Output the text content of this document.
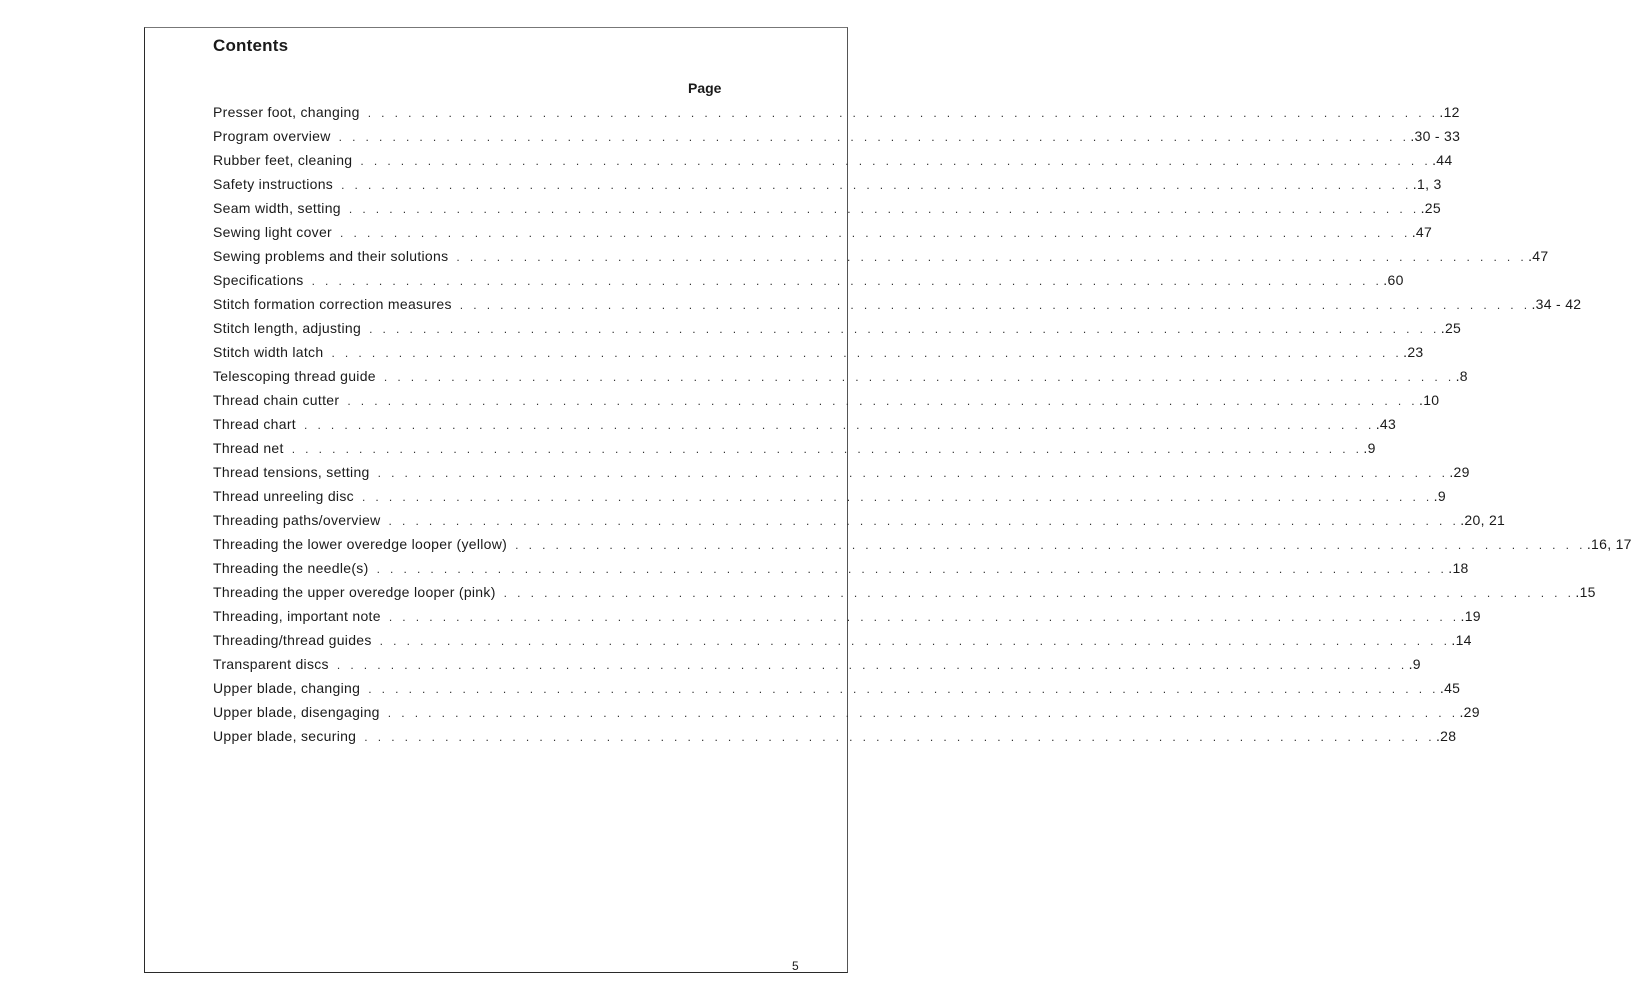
Contents
Page
Presser foot, changing . . . . . . . . . . . . . . . . . . . . . . . . . . . . . . . . . . . . . . . . . . . . . . . . . . . . . . . . . . . . . . . . . . . . . . . . . . . . . . . . .12
Program overview . . . . . . . . . . . . . . . . . . . . . . . . . . . . . . . . . . . . . . . . . . . . . . . . . . . . . . . . . . . . . . . . . . . . . . . . . . . . . . . . .30 - 33
Rubber feet, cleaning . . . . . . . . . . . . . . . . . . . . . . . . . . . . . . . . . . . . . . . . . . . . . . . . . . . . . . . . . . . . . . . . . . . . . . . . . . . . . . . . .44
Safety instructions . . . . . . . . . . . . . . . . . . . . . . . . . . . . . . . . . . . . . . . . . . . . . . . . . . . . . . . . . . . . . . . . . . . . . . . . . . . . . . . . .1, 3
Seam width, setting . . . . . . . . . . . . . . . . . . . . . . . . . . . . . . . . . . . . . . . . . . . . . . . . . . . . . . . . . . . . . . . . . . . . . . . . . . . . . . . . .25
Sewing light cover . . . . . . . . . . . . . . . . . . . . . . . . . . . . . . . . . . . . . . . . . . . . . . . . . . . . . . . . . . . . . . . . . . . . . . . . . . . . . . . . .47
Sewing problems and their solutions . . . . . . . . . . . . . . . . . . . . . . . . . . . . . . . . . . . . . . . . . . . . . . . . . . . . . . . . . . . . . . . . . . . . . . . . . . . . . . . . .47
Specifications . . . . . . . . . . . . . . . . . . . . . . . . . . . . . . . . . . . . . . . . . . . . . . . . . . . . . . . . . . . . . . . . . . . . . . . . . . . . . . . . .60
Stitch formation correction measures . . . . . . . . . . . . . . . . . . . . . . . . . . . . . . . . . . . . . . . . . . . . . . . . . . . . . . . . . . . . . . . . . . . . . . . . . . . . . . . . .34 - 42
Stitch length, adjusting . . . . . . . . . . . . . . . . . . . . . . . . . . . . . . . . . . . . . . . . . . . . . . . . . . . . . . . . . . . . . . . . . . . . . . . . . . . . . . . . .25
Stitch width latch . . . . . . . . . . . . . . . . . . . . . . . . . . . . . . . . . . . . . . . . . . . . . . . . . . . . . . . . . . . . . . . . . . . . . . . . . . . . . . . . .23
Telescoping thread guide . . . . . . . . . . . . . . . . . . . . . . . . . . . . . . . . . . . . . . . . . . . . . . . . . . . . . . . . . . . . . . . . . . . . . . . . . . . . . . . . .8
Thread chain cutter . . . . . . . . . . . . . . . . . . . . . . . . . . . . . . . . . . . . . . . . . . . . . . . . . . . . . . . . . . . . . . . . . . . . . . . . . . . . . . . . .10
Thread chart . . . . . . . . . . . . . . . . . . . . . . . . . . . . . . . . . . . . . . . . . . . . . . . . . . . . . . . . . . . . . . . . . . . . . . . . . . . . . . . . .43
Thread net . . . . . . . . . . . . . . . . . . . . . . . . . . . . . . . . . . . . . . . . . . . . . . . . . . . . . . . . . . . . . . . . . . . . . . . . . . . . . . . . .9
Thread tensions, setting . . . . . . . . . . . . . . . . . . . . . . . . . . . . . . . . . . . . . . . . . . . . . . . . . . . . . . . . . . . . . . . . . . . . . . . . . . . . . . . . .29
Thread unreeling disc . . . . . . . . . . . . . . . . . . . . . . . . . . . . . . . . . . . . . . . . . . . . . . . . . . . . . . . . . . . . . . . . . . . . . . . . . . . . . . . . .9
Threading paths/overview . . . . . . . . . . . . . . . . . . . . . . . . . . . . . . . . . . . . . . . . . . . . . . . . . . . . . . . . . . . . . . . . . . . . . . . . . . . . . . . . .20, 21
Threading the lower overedge looper (yellow) . . . . . . . . . . . . . . . . . . . . . . . . . . . . . . . . . . . . . . . . . . . . . . . . . . . . . . . . . . . . . . . . . . . . . . . . . . . . . . . . .16, 17
Threading the needle(s) . . . . . . . . . . . . . . . . . . . . . . . . . . . . . . . . . . . . . . . . . . . . . . . . . . . . . . . . . . . . . . . . . . . . . . . . . . . . . . . . .18
Threading the upper overedge looper (pink) . . . . . . . . . . . . . . . . . . . . . . . . . . . . . . . . . . . . . . . . . . . . . . . . . . . . . . . . . . . . . . . . . . . . . . . . . . . . . . . . .15
Threading, important note . . . . . . . . . . . . . . . . . . . . . . . . . . . . . . . . . . . . . . . . . . . . . . . . . . . . . . . . . . . . . . . . . . . . . . . . . . . . . . . . .19
Threading/thread guides . . . . . . . . . . . . . . . . . . . . . . . . . . . . . . . . . . . . . . . . . . . . . . . . . . . . . . . . . . . . . . . . . . . . . . . . . . . . . . . . .14
Transparent discs . . . . . . . . . . . . . . . . . . . . . . . . . . . . . . . . . . . . . . . . . . . . . . . . . . . . . . . . . . . . . . . . . . . . . . . . . . . . . . . . .9
Upper blade, changing . . . . . . . . . . . . . . . . . . . . . . . . . . . . . . . . . . . . . . . . . . . . . . . . . . . . . . . . . . . . . . . . . . . . . . . . . . . . . . . . .45
Upper blade, disengaging . . . . . . . . . . . . . . . . . . . . . . . . . . . . . . . . . . . . . . . . . . . . . . . . . . . . . . . . . . . . . . . . . . . . . . . . . . . . . . . . .29
Upper blade, securing . . . . . . . . . . . . . . . . . . . . . . . . . . . . . . . . . . . . . . . . . . . . . . . . . . . . . . . . . . . . . . . . . . . . . . . . . . . . . . . . .28
5
